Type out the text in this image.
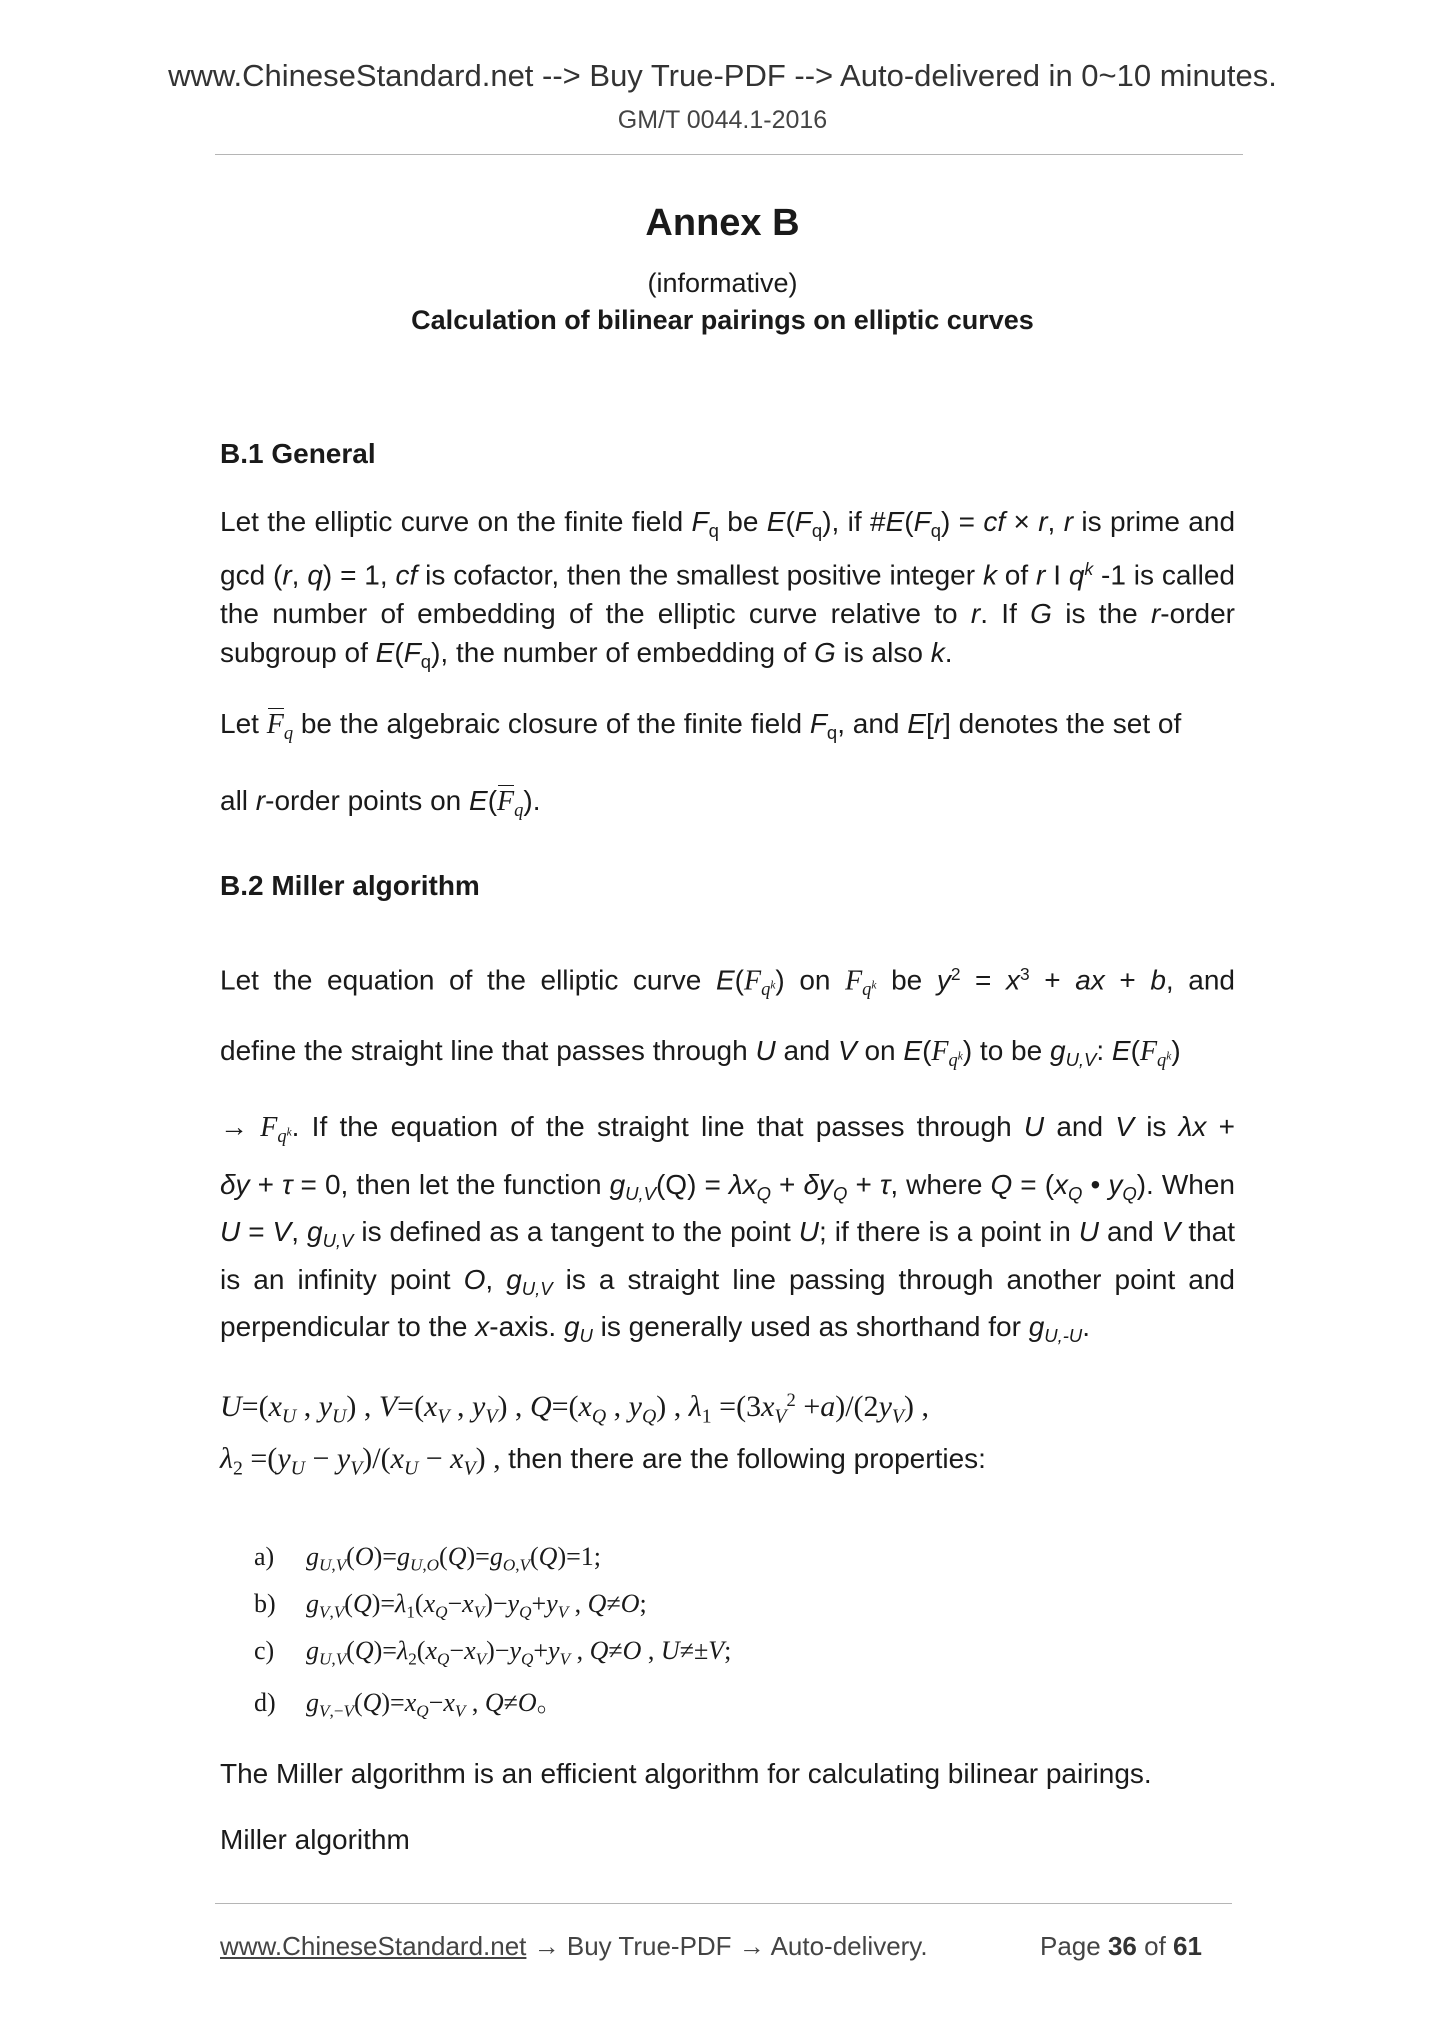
www.ChineseStandard.net --> Buy True-PDF --> Auto-delivered in 0~10 minutes.
GM/T 0044.1-2016
Annex B
(informative)
Calculation of bilinear pairings on elliptic curves
B.1 General
Let the elliptic curve on the finite field $F_q$ be $E(F_q)$, if $\#E(F_q)$ = cf × r, r is prime and gcd (r, q) = 1, cf is cofactor, then the smallest positive integer k of r I $q^k$ -1 is called the number of embedding of the elliptic curve relative to r. If G is the r-order subgroup of $E(F_q)$, the number of embedding of G is also k.
Let $F_q$ be the algebraic closure of the finite field $F_q$, and E[r] denotes the set of
all r-order points on $E(F_q)$.
B.2 Miller algorithm
Let the equation of the elliptic curve $E(F_{q^k})$ on $F_{q^k}$ be $y^2 = x^3$ + ax + b, and
define the straight line that passes through U and V on $E(F_{q^k})$ to be $g_{U,V}$: $E(F_{q^k})$
→ $F_{q^k}$. If the equation of the straight line that passes through U and V is λx +
δy + τ = 0, then let the function $g_{U,V}(Q) = \lambda x_Q + \delta y_Q + \tau$, where $Q = (x_Q$ • $y_Q$). When U = V, $g_{U,V}$ is defined as a tangent to the point U; if there is a point in U and V that is an infinity point O, $g_{U,V}$ is a straight line passing through another point and perpendicular to the x-axis. $g_U$ is generally used as shorthand for $g_{U,-U}$.
$U=(x_U$ , $y_U$) , $V=(x_V$ , $y_V$) , $Q=(x_Q$ , $y_Q$) , $\lambda_1 =(3x_V^2 +a)/(2y_V)$ ,
$\lambda_2 =(y_U - y_V)/(x_U - x_V)$ , then there are the following properties:
a) $g_{U,V}(O)=g_{U,O}(Q)=g_{O,V}(Q)=1$;
b) $g_{V,V}(Q)=\lambda_1(x_Q-x_V)-y_Q+y_V$ , Q≠O;
c) $g_{U,V}(Q)=\lambda_2(x_Q-x_V)-y_Q+y_V$ , Q≠O , U≠±V;
d) $g_{V,-V}(Q)=x_Q-x_V$ , Q≠O。
The Miller algorithm is an efficient algorithm for calculating bilinear pairings.
Miller algorithm
www.ChineseStandard.net → Buy True-PDF → Auto-delivery.	Page 36 of 61
